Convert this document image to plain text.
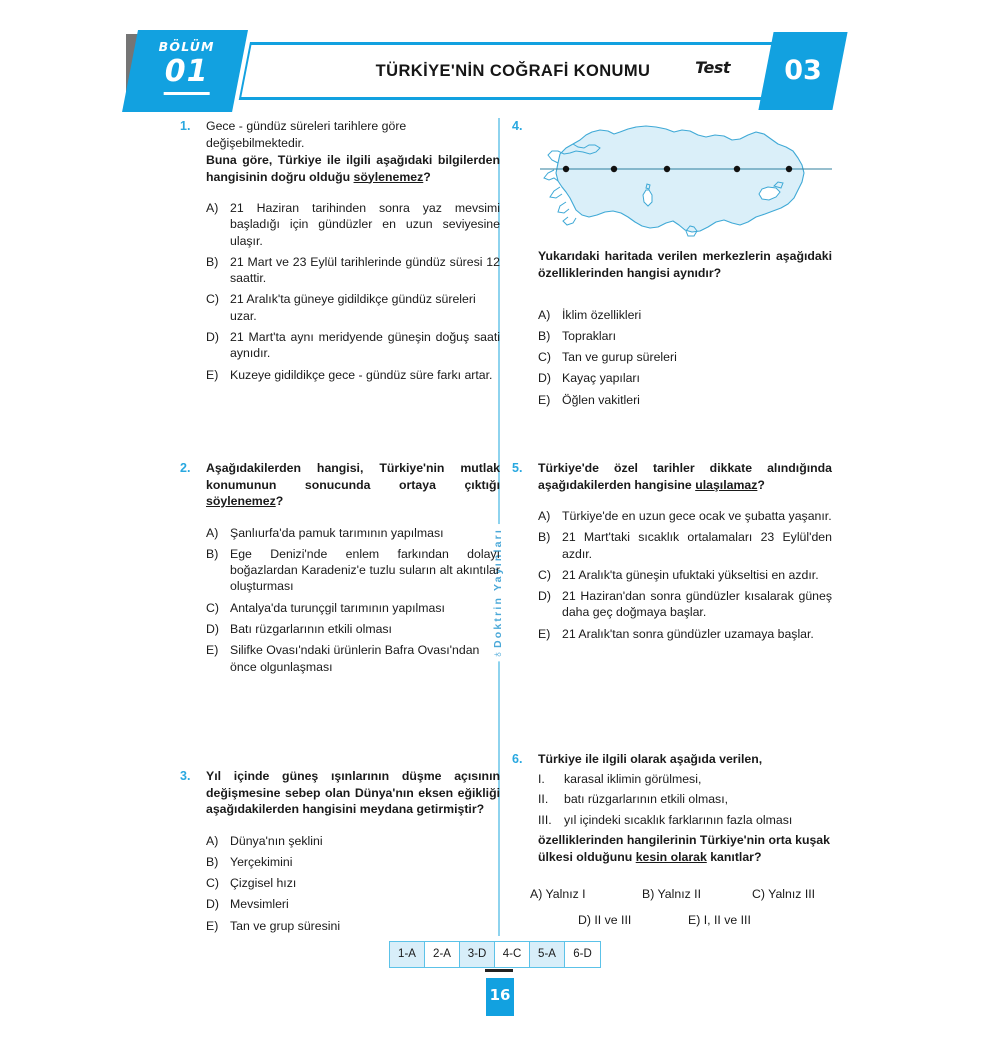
BÖLÜM
01	TÜRKİYE'NİN COĞRAFİ KONUMU	Test	03
Doktrin Yayınları
♁
1.	Gece - gündüz süreleri tarihlere göre değişebilmektedir.
Buna göre, Türkiye ile ilgili aşağıdaki bilgilerden hangisinin doğru olduğu söylenemez?
A) 21 Haziran tarihinden sonra yaz mevsimi başladığı için gündüzler en uzun seviyesine ulaşır.
B) 21 Mart ve 23 Eylül tarihlerinde gündüz süresi 12 saattir.
C) 21 Aralık'ta güneye gidildikçe gündüz süreleri uzar.
D) 21 Mart'ta aynı meridyende güneşin doğuş saati aynıdır.
E) Kuzeye gidildikçe gece - gündüz süre farkı artar.
2.	Aşağıdakilerden hangisi, Türkiye'nin mutlak konumunun sonucunda ortaya çıktığı söylenemez?
A) Şanlıurfa'da pamuk tarımının yapılması
B) Ege Denizi'nde enlem farkından dolayı boğazlardan Karadeniz'e tuzlu suların alt akıntılar oluşturması
C) Antalya'da turunçgil tarımının yapılması
D) Batı rüzgarlarının etkili olması
E) Silifke Ovası'ndaki ürünlerin Bafra Ovası'ndan önce olgunlaşması
3.	Yıl içinde güneş ışınlarının düşme açısının değişmesine sebep olan Dünya'nın eksen eğikliği aşağıdakilerden hangisini meydana getirmiştir?
A) Dünya'nın şeklini
B) Yerçekimini
C) Çizgisel hızı
D) Mevsimleri
E) Tan ve grup süresini
4.
Yukarıdaki haritada verilen merkezlerin aşağıdaki özelliklerinden hangisi aynıdır?
A) İklim özellikleri
B) Toprakları
C) Tan ve gurup süreleri
D) Kayaç yapıları
E) Öğlen vakitleri
5.	Türkiye'de özel tarihler dikkate alındığında aşağıdakilerden hangisine ulaşılamaz?
A) Türkiye'de en uzun gece ocak ve şubatta yaşanır.
B) 21 Mart'taki sıcaklık ortalamaları 23 Eylül'den azdır.
C) 21 Aralık'ta güneşin ufuktaki yükseltisi en azdır.
D) 21 Haziran'dan sonra gündüzler kısalarak güneş daha geç doğmaya başlar.
E) 21 Aralık'tan sonra gündüzler uzamaya başlar.
6.	Türkiye ile ilgili olarak aşağıda verilen,
I.	karasal iklimin görülmesi,
II.	batı rüzgarlarının etkili olması,
III.	yıl içindeki sıcaklık farklarının fazla olması
özelliklerinden hangilerinin Türkiye'nin orta kuşak ülkesi olduğunu kesin olarak kanıtlar?
A) Yalnız I	B) Yalnız II	C) Yalnız III
D) II ve III	E) I, II ve III
1-A	2-A	3-D	4-C	5-A	6-D
16
